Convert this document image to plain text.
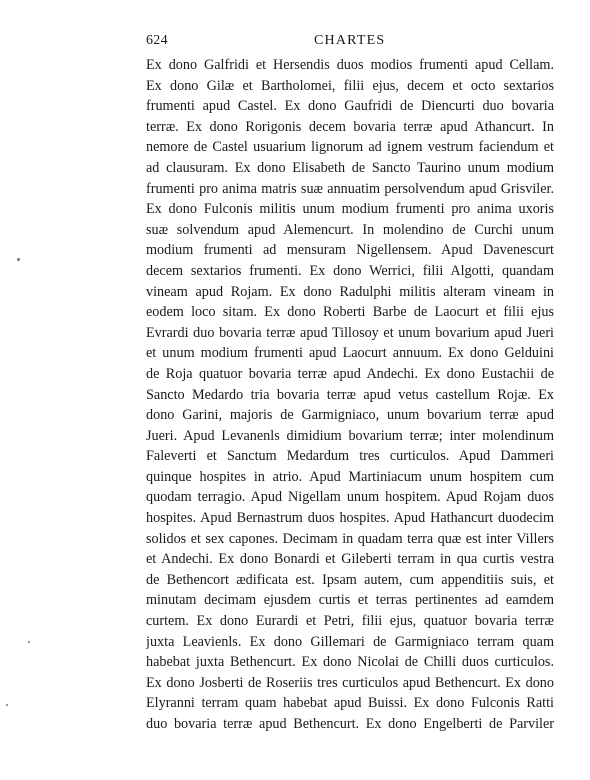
624	CHARTES
Ex dono Galfridi et Hersendis duos modios frumenti apud Cellam.
Ex dono Gilæ et Bartholomei, filii ejus, decem et octo sextarios
frumenti apud Castel. Ex dono Gaufridi de Diencurti duo bovaria
terræ. Ex dono Rorigonis decem bovaria terræ apud Athancurt. In
nemore de Castel usuarium lignorum ad ignem vestrum faciendum et
ad clausuram. Ex dono Elisabeth de Sancto Taurino unum modium
frumenti pro anima matris suæ annuatim persolvendum apud Grisviler.
Ex dono Fulconis militis unum modium frumenti pro anima uxoris
suæ solvendum apud Alemencurt. In molendino de Curchi unum
modium frumenti ad mensuram Nigellensem. Apud Davenescurt
decem sextarios frumenti. Ex dono Werrici, filii Algotti, quandam
vineam apud Rojam. Ex dono Radulphi militis alteram vineam in
eodem loco sitam. Ex dono Roberti Barbe de Laocurt et filii ejus
Evrardi duo bovaria terræ apud Tillosoy et unum bovarium apud Jueri
et unum modium frumenti apud Laocurt annuum. Ex dono Gelduini
de Roja quatuor bovaria terræ apud Andechi. Ex dono Eustachii de
Sancto Medardo tria bovaria terræ apud vetus castellum Rojæ. Ex
dono Garini, majoris de Garmigniaco, unum bovarium terræ apud
Jueri. Apud Levanenls dimidium bovarium terræ; inter molendinum
Faleverti et Sanctum Medardum tres curticulos. Apud Dammeri
quinque hospites in atrio. Apud Martiniacum unum hospitem cum
quodam terragio. Apud Nigellam unum hospitem. Apud Rojam duos
hospites. Apud Bernastrum duos hospites. Apud Hathancurt duodecim
solidos et sex capones. Decimam in quadam terra quæ est inter Villers
et Andechi. Ex dono Bonardi et Gileberti terram in qua curtis vestra
de Bethencort ædificata est. Ipsam autem, cum appenditiis suis, et
minutam decimam ejusdem curtis et terras pertinentes ad eamdem
curtem. Ex dono Eurardi et Petri, filii ejus, quatuor bovaria terræ
juxta Leavienls. Ex dono Gillemari de Garmigniaco terram quam
habebat juxta Bethencurt. Ex dono Nicolai de Chilli duos curticulos.
Ex dono Josberti de Roseriis tres curticulos apud Bethencurt. Ex dono
Elyranni terram quam habebat apud Buissi. Ex dono Fulconis Ratti
duo bovaria terræ apud Bethencurt. Ex dono Engelberti de Parviler
